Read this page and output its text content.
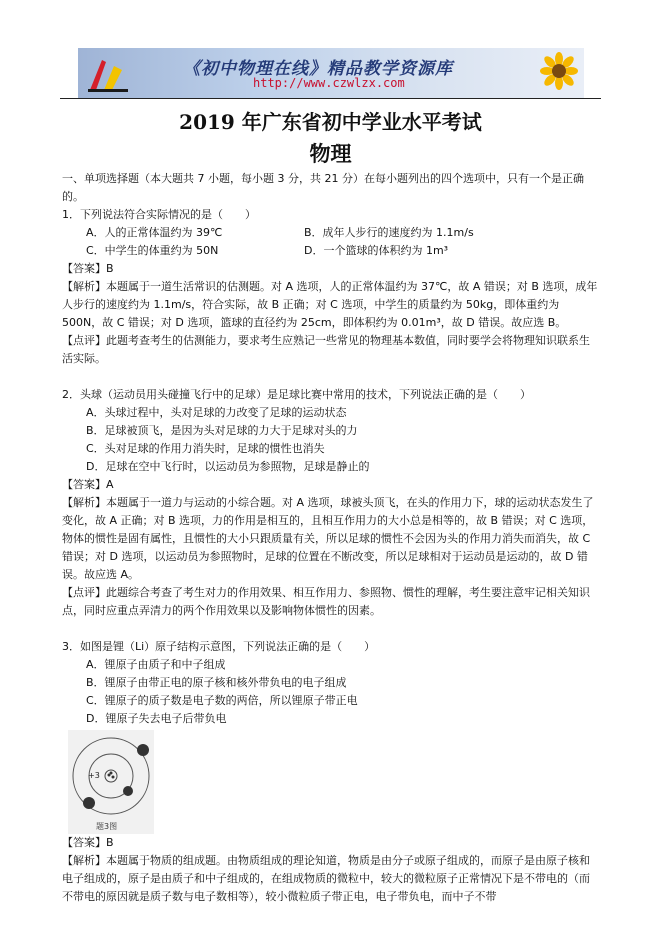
《初中物理在线》精品教学资源库
http://www.czwlzx.com
2019 年广东省初中学业水平考试
物理

一、单项选择题（本大题共 7 小题，每小题 3 分，共 21 分）在每小题列出的四个选项中，只有一个是正确的。

1．下列说法符合实际情况的是（　　）

A．人的正常体温约为 39℃	B．成年人步行的速度约为 1.1m/s
C．中学生的体重约为 50N	D．一个篮球的体积约为 1m³

【答案】B

【解析】本题属于一道生活常识的估测题。对 A 选项，人的正常体温约为 37℃，故 A 错误；对 B 选项，成年人步行的速度约为 1.1m/s，符合实际，故 B 正确；对 C 选项，中学生的质量约为 50kg，即体重约为 500N，故 C 错误；对 D 选项，篮球的直径约为 25cm，即体积约为 0.01m³，故 D 错误。故应选 B。

【点评】此题考查考生的估测能力，要求考生应熟记一些常见的物理基本数值，同时要学会将物理知识联系生活实际。

2．头球（运动员用头碰撞飞行中的足球）是足球比赛中常用的技术，下列说法正确的是（　　）

A．头球过程中，头对足球的力改变了足球的运动状态

B．足球被顶飞，是因为头对足球的力大于足球对头的力

C．头对足球的作用力消失时，足球的惯性也消失

D．足球在空中飞行时，以运动员为参照物，足球是静止的

【答案】A

【解析】本题属于一道力与运动的小综合题。对 A 选项，球被头顶飞，在头的作用力下，球的运动状态发生了变化，故 A 正确；对 B 选项，力的作用是相互的，且相互作用力的大小总是相等的，故 B 错误；对 C 选项，物体的惯性是固有属性，且惯性的大小只跟质量有关，所以足球的惯性不会因为头的作用力消失而消失，故 C 错误；对 D 选项，以运动员为参照物时，足球的位置在不断改变，所以足球相对于运动员是运动的，故 D 错误。故应选 A。

【点评】此题综合考查了考生对力的作用效果、相互作用力、参照物、惯性的理解，考生要注意牢记相关知识点，同时应重点弄清力的两个作用效果以及影响物体惯性的因素。

3．如图是锂（Li）原子结构示意图，下列说法正确的是（　　）

A．锂原子由质子和中子组成

B．锂原子由带正电的原子核和核外带负电的电子组成

C．锂原子的质子数是电子数的两倍，所以锂原子带正电

D．锂原子失去电子后带负电

+3
题3图

【答案】B

【解析】本题属于物质的组成题。由物质组成的理论知道，物质是由分子或原子组成的，而原子是由原子核和电子组成的，原子是由质子和中子组成的，在组成物质的微粒中，较大的微粒原子正常情况下是不带电的（而不带电的原因就是质子数与电子数相等），较小微粒质子带正电，电子带负电，而中子不带
